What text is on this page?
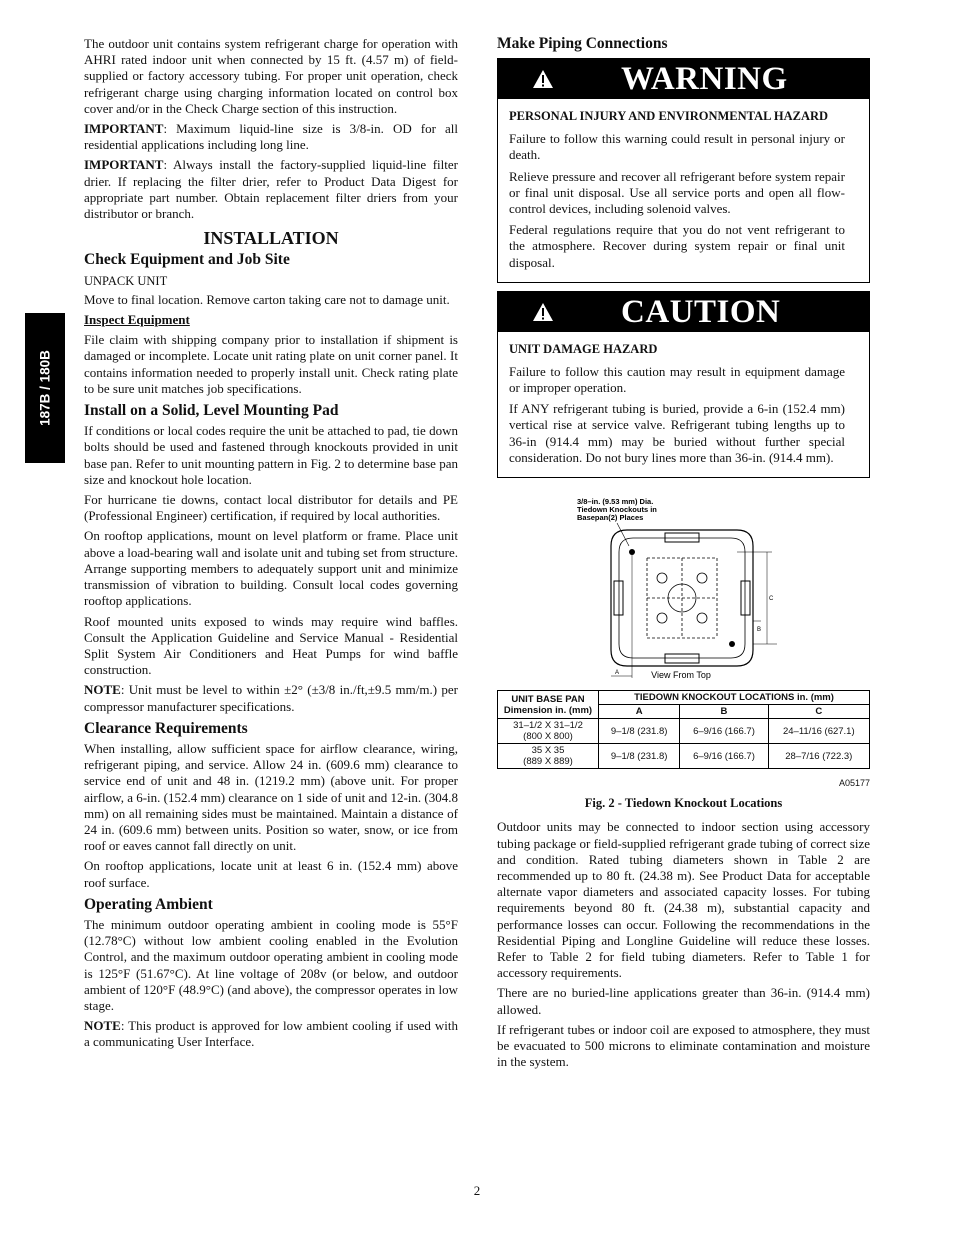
187B / 180B

The outdoor unit contains system refrigerant charge for operation with AHRI rated indoor unit when connected by 15 ft. (4.57 m) of field-supplied or factory accessory tubing. For proper unit operation, check refrigerant charge using charging information located on control box cover and/or in the Check Charge section of this instruction.

IMPORTANT: Maximum liquid-line size is 3/8-in. OD for all residential applications including long line.

IMPORTANT: Always install the factory-supplied liquid-line filter drier. If replacing the filter drier, refer to Product Data Digest for appropriate part number. Obtain replacement filter driers from your distributor or branch.

INSTALLATION
Check Equipment and Job Site

UNPACK UNIT

Move to final location. Remove carton taking care not to damage unit.

Inspect Equipment

File claim with shipping company prior to installation if shipment is damaged or incomplete. Locate unit rating plate on unit corner panel. It contains information needed to properly install unit. Check rating plate to be sure unit matches job specifications.

Install on a Solid, Level Mounting Pad

If conditions or local codes require the unit be attached to pad, tie down bolts should be used and fastened through knockouts provided in unit base pan. Refer to unit mounting pattern in Fig. 2 to determine base pan size and knockout hole location.

For hurricane tie downs, contact local distributor for details and PE (Professional Engineer) certification, if required by local authorities.

On rooftop applications, mount on level platform or frame. Place unit above a load-bearing wall and isolate unit and tubing set from structure. Arrange supporting members to adequately support unit and minimize transmission of vibration to building. Consult local codes governing rooftop applications.

Roof mounted units exposed to winds may require wind baffles. Consult the Application Guideline and Service Manual - Residential Split System Air Conditioners and Heat Pumps for wind baffle construction.

NOTE: Unit must be level to within ±2° (±3/8 in./ft,±9.5 mm/m.) per compressor manufacturer specifications.

Clearance Requirements

When installing, allow sufficient space for airflow clearance, wiring, refrigerant piping, and service. Allow 24 in. (609.6 mm) clearance to service end of unit and 48 in. (1219.2 mm) (above unit. For proper airflow, a 6-in. (152.4 mm) clearance on 1 side of unit and 12-in. (304.8 mm) on all remaining sides must be maintained. Maintain a distance of 24 in. (609.6 mm) between units. Position so water, snow, or ice from roof or eaves cannot fall directly on unit.

On rooftop applications, locate unit at least 6 in. (152.4 mm) above roof surface.

Operating Ambient

The minimum outdoor operating ambient in cooling mode is 55°F (12.78°C) without low ambient cooling enabled in the Evolution Control, and the maximum outdoor operating ambient in cooling mode is 125°F (51.67°C). At line voltage of 208v (or below, and outdoor ambient of 120°F (48.9°C) (and above), the compressor operates in low stage.

NOTE: This product is approved for low ambient cooling if used with a communicating User Interface.

Make Piping Connections
WARNING

PERSONAL INJURY AND ENVIRONMENTAL HAZARD

Failure to follow this warning could result in personal injury or death.

Relieve pressure and recover all refrigerant before system repair or final unit disposal. Use all service ports and open all flow-control devices, including solenoid valves.

Federal regulations require that you do not vent refrigerant to the atmosphere. Recover during system repair or final unit disposal.

CAUTION

UNIT DAMAGE HAZARD

Failure to follow this caution may result in equipment damage or improper operation.

If ANY refrigerant tubing is buried, provide a 6-in (152.4 mm) vertical rise at service valve. Refrigerant tubing lengths up to 36-in (914.4 mm) may be buried without further special consideration. Do not bury lines more than 36-in. (914.4 mm).

3/8–in. (9.53 mm) Dia.
Tiedown Knockouts in
Basepan(2) Places
A
C
B
View From Top
UNIT BASE PAN
Dimension in. (mm)	TIEDOWN KNOCKOUT LOCATIONS in. (mm)		
	A	B	C
31–1/2 X 31–1/2
(800 X 800)	9–1/8 (231.8)	6–9/16 (166.7)	24–11/16 (627.1)
35 X 35
(889 X 889)	9–1/8 (231.8)	6–9/16 (166.7)	28–7/16 (722.3)
A05177
Fig. 2 - Tiedown Knockout Locations

Outdoor units may be connected to indoor section using accessory tubing package or field-supplied refrigerant grade tubing of correct size and condition. Rated tubing diameters shown in Table 2 are recommended up to 80 ft. (24.38 m). See Product Data for acceptable alternate vapor diameters and associated capacity losses. For tubing requirements beyond 80 ft. (24.38 m), substantial capacity and performance losses can occur. Following the recommendations in the Residential Piping and Longline Guideline will reduce these losses. Refer to Table 2 for field tubing diameters. Refer to Table 1 for accessory requirements.

There are no buried-line applications greater than 36-in. (914.4 mm) allowed.

If refrigerant tubes or indoor coil are exposed to atmosphere, they must be evacuated to 500 microns to eliminate contamination and moisture in the system.

2
